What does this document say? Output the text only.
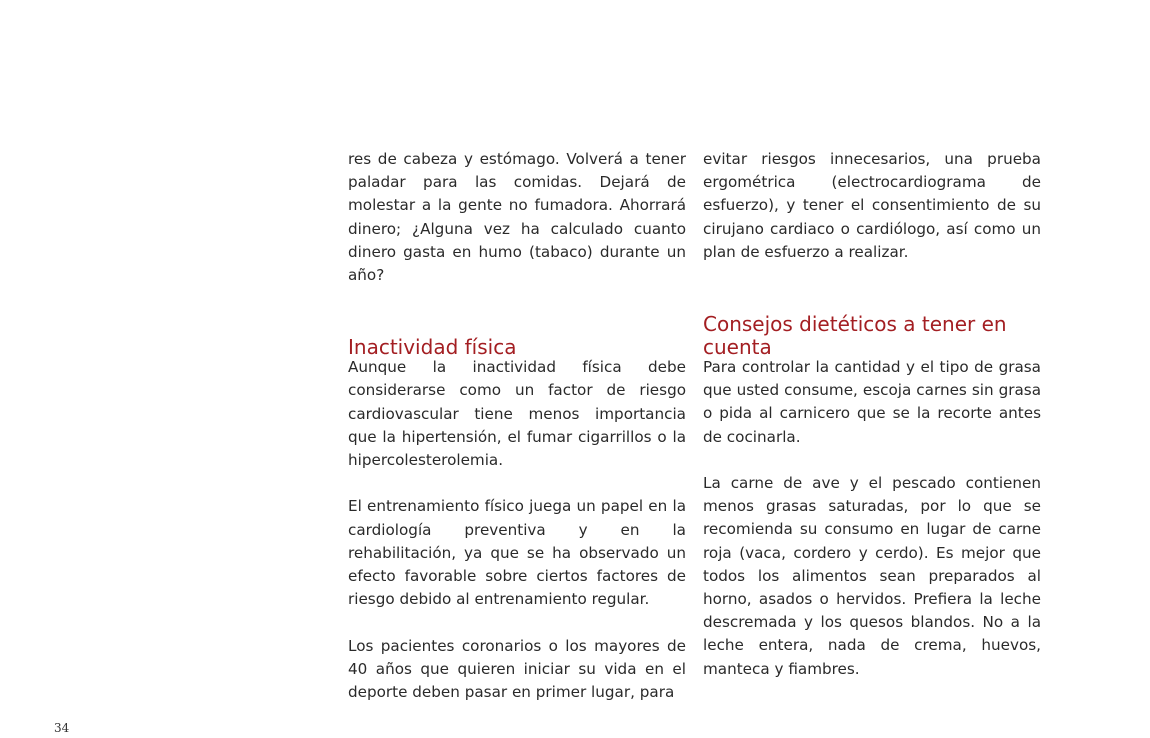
res de cabeza y estómago. Volverá a tener paladar para las comidas. Dejará de molestar a la gente no fumadora. Ahorrará dinero; ¿Alguna vez ha calculado cuanto dinero gasta en humo (tabaco) durante un año?

Inactividad física

Aunque la inactividad física debe considerarse como un factor de riesgo cardiovascular tiene menos importancia que la hipertensión, el fumar cigarrillos o la hipercolesterolemia.

El entrenamiento físico juega un papel en la cardiología preventiva y en la rehabilitación, ya que se ha observado un efecto favorable sobre ciertos factores de riesgo debido al entrenamiento regular.

Los pacientes coronarios o los mayores de 40 años que quieren iniciar su vida en el deporte deben pasar en primer lugar, para

evitar riesgos innecesarios, una prueba ergométrica (electrocardiograma de esfuerzo), y tener el consentimiento de su cirujano cardiaco o cardiólogo, así como un plan de esfuerzo a realizar.

Consejos dietéticos a tener en cuenta

Para controlar la cantidad y el tipo de grasa que usted consume, escoja carnes sin grasa o pida al carnicero que se la recorte antes de cocinarla.

La carne de ave y el pescado contienen menos grasas saturadas, por lo que se recomienda su consumo en lugar de carne roja (vaca, cordero y cerdo). Es mejor que todos los alimentos sean preparados al horno, asados o hervidos. Prefiera la leche descremada y los quesos blandos. No a la leche entera, nada de crema, huevos, manteca y fiambres.

34
